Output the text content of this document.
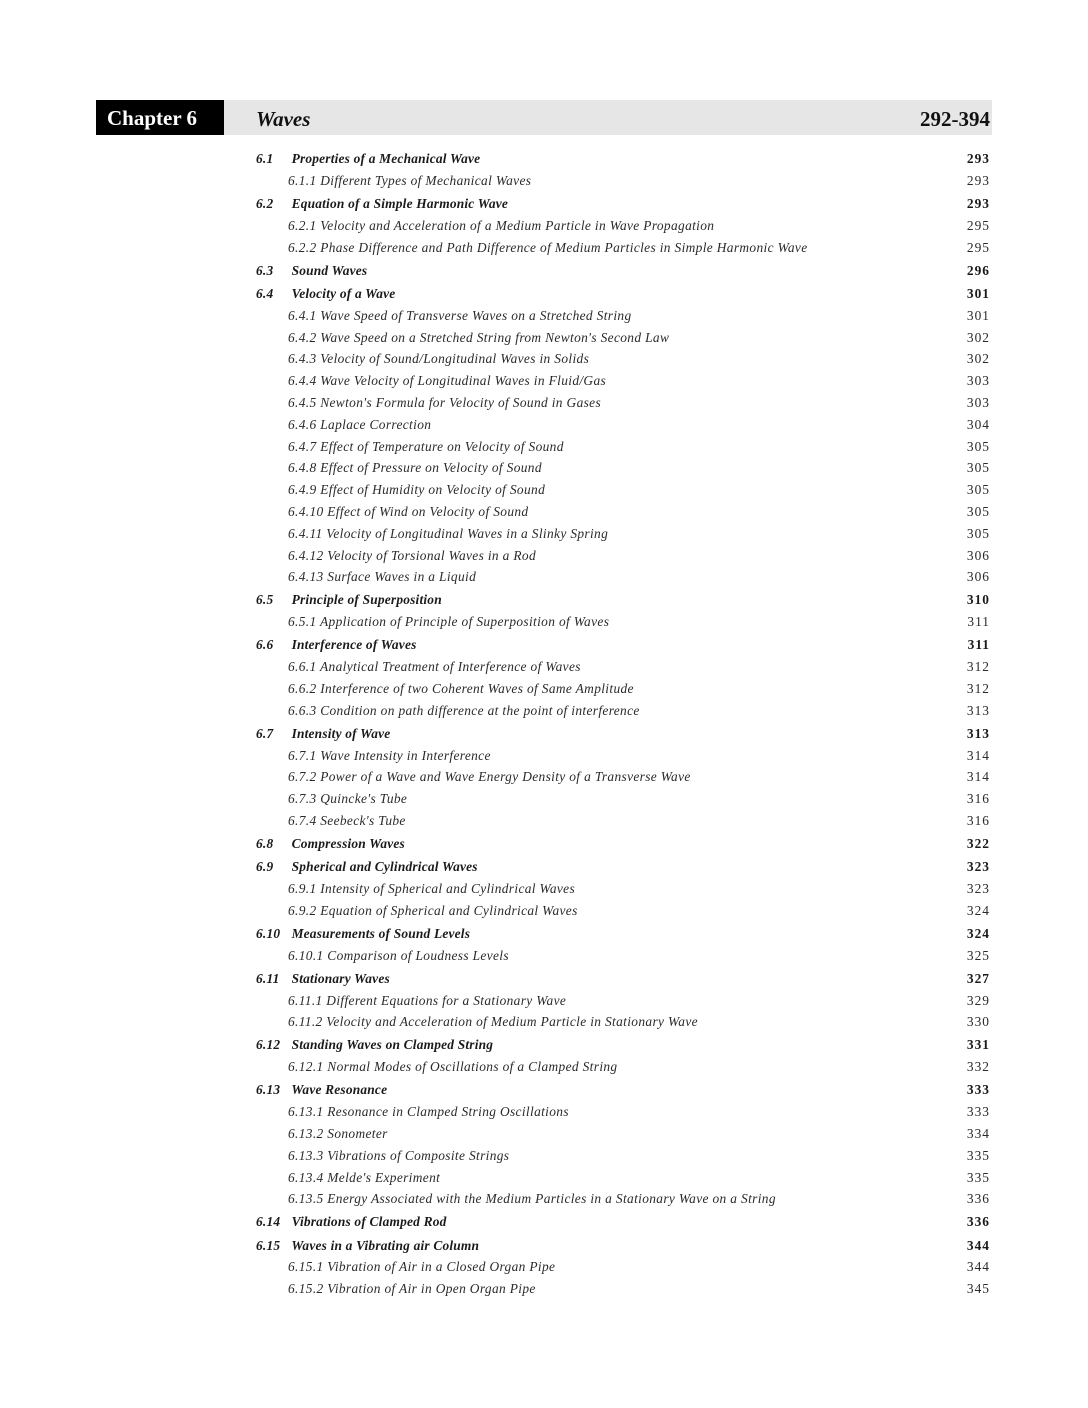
Chapter 6	Waves	292-394
6.1 Properties of a Mechanical Wave	293
6.1.1 Different Types of Mechanical Waves	293
6.2 Equation of a Simple Harmonic Wave	293
6.2.1 Velocity and Acceleration of a Medium Particle in Wave Propagation	295
6.2.2 Phase Difference and Path Difference of Medium Particles in Simple Harmonic Wave	295
6.3 Sound Waves	296
6.4 Velocity of a Wave	301
6.4.1 Wave Speed of Transverse Waves on a Stretched String	301
6.4.2 Wave Speed on a Stretched String from Newton's Second Law	302
6.4.3 Velocity of Sound/Longitudinal Waves in Solids	302
6.4.4 Wave Velocity of Longitudinal Waves in Fluid/Gas	303
6.4.5 Newton's Formula for Velocity of Sound in Gases	303
6.4.6 Laplace Correction	304
6.4.7 Effect of Temperature on Velocity of Sound	305
6.4.8 Effect of Pressure on Velocity of Sound	305
6.4.9 Effect of Humidity on Velocity of Sound	305
6.4.10 Effect of Wind on Velocity of Sound	305
6.4.11 Velocity of Longitudinal Waves in a Slinky Spring	305
6.4.12 Velocity of Torsional Waves in a Rod	306
6.4.13 Surface Waves in a Liquid	306
6.5 Principle of Superposition	310
6.5.1 Application of Principle of Superposition of Waves	311
6.6 Interference of Waves	311
6.6.1 Analytical Treatment of Interference of Waves	312
6.6.2 Interference of two Coherent Waves of Same Amplitude	312
6.6.3 Condition on path difference at the point of interference	313
6.7 Intensity of Wave	313
6.7.1 Wave Intensity in Interference	314
6.7.2 Power of a Wave and Wave Energy Density of a Transverse Wave	314
6.7.3 Quincke's Tube	316
6.7.4 Seebeck's Tube	316
6.8 Compression Waves	322
6.9 Spherical and Cylindrical Waves	323
6.9.1 Intensity of Spherical and Cylindrical Waves	323
6.9.2 Equation of Spherical and Cylindrical Waves	324
6.10 Measurements of Sound Levels	324
6.10.1 Comparison of Loudness Levels	325
6.11 Stationary Waves	327
6.11.1 Different Equations for a Stationary Wave	329
6.11.2 Velocity and Acceleration of Medium Particle in Stationary Wave	330
6.12 Standing Waves on Clamped String	331
6.12.1 Normal Modes of Oscillations of a Clamped String	332
6.13 Wave Resonance	333
6.13.1 Resonance in Clamped String Oscillations	333
6.13.2 Sonometer	334
6.13.3 Vibrations of Composite Strings	335
6.13.4 Melde's Experiment	335
6.13.5 Energy Associated with the Medium Particles in a Stationary Wave on a String	336
6.14 Vibrations of Clamped Rod	336
6.15 Waves in a Vibrating air Column	344
6.15.1 Vibration of Air in a Closed Organ Pipe	344
6.15.2 Vibration of Air in Open Organ Pipe	345
